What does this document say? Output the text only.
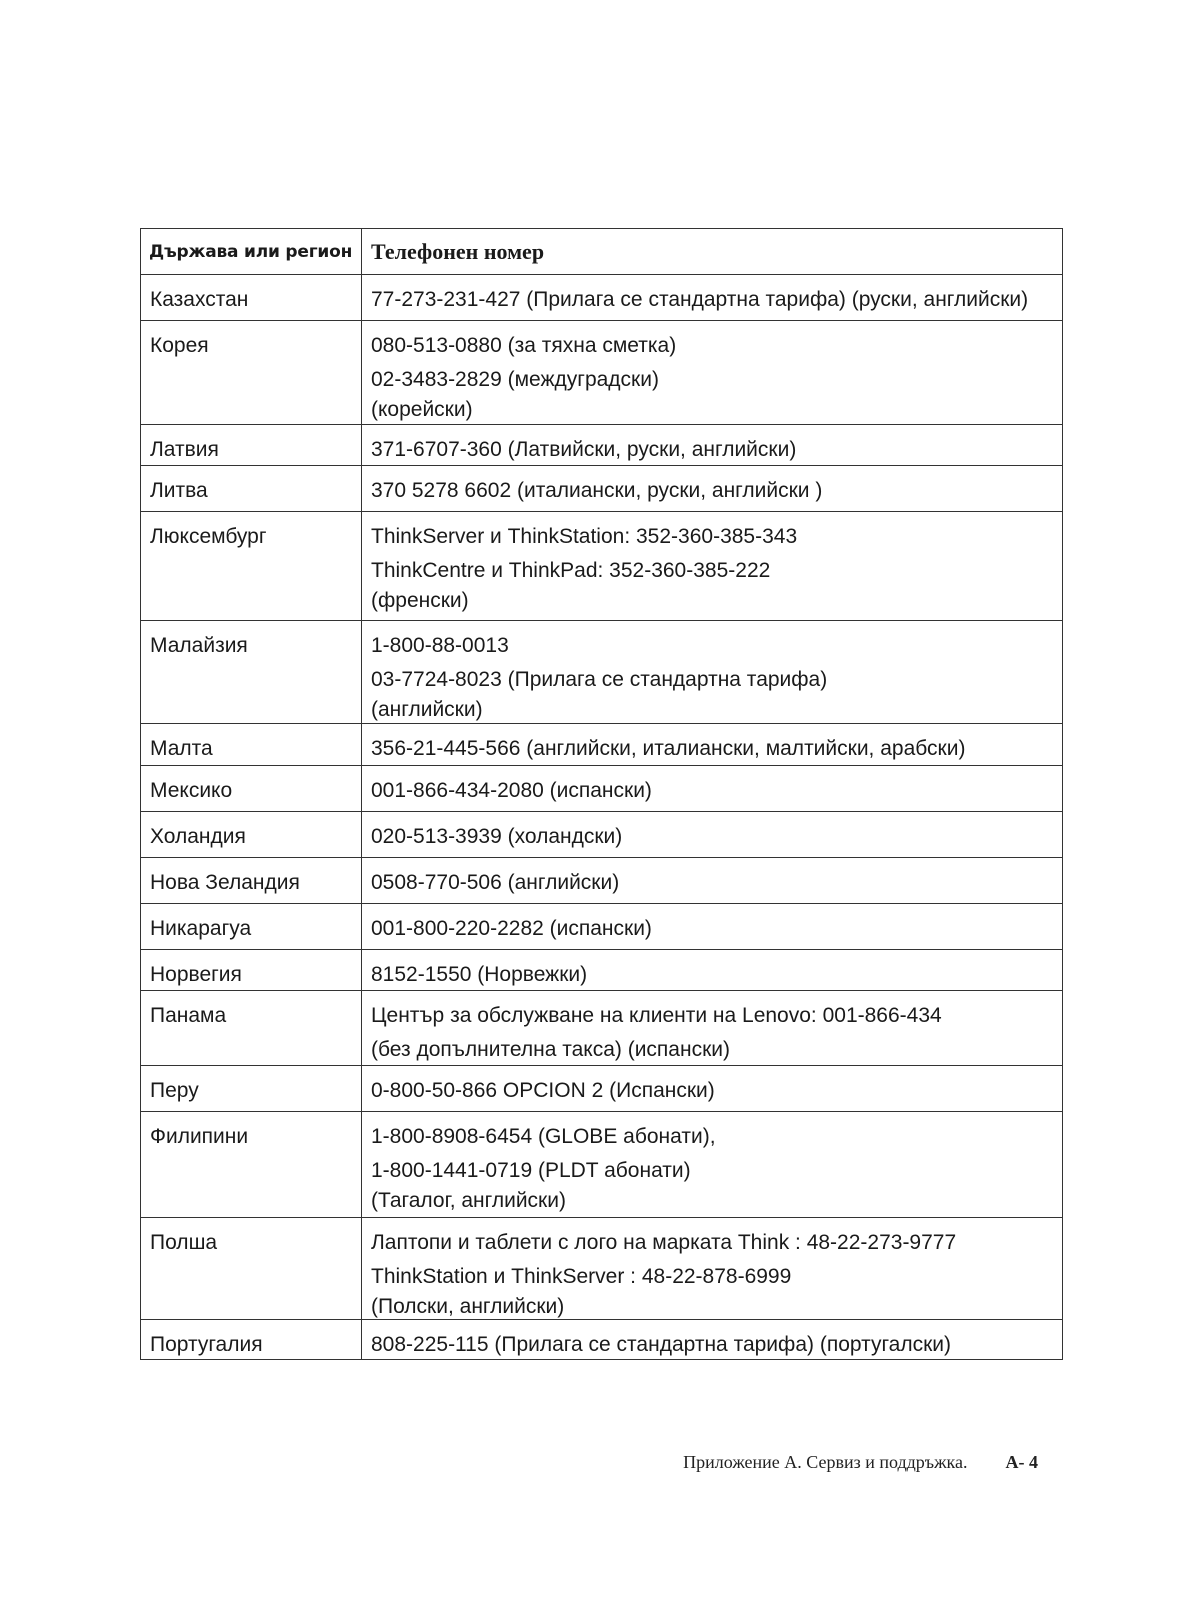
Държава или регион	Телефонен номер
Казахстан	77-273-231-427 (Прилага се стандартна тарифа) (руски, английски)

Корея	080-513-0880 (за тяхна сметка)
02-3483-2829 (междуградски)
(корейски)

Латвия	371-6707-360 (Латвийски, руски, английски)

Литва	370 5278 6602 (италиански, руски, английски )

Люксембург	ThinkServer и ThinkStation: 352-360-385-343
ThinkCentre и ThinkPad: 352-360-385-222
(френски)

Малайзия	1-800-88-0013
03-7724-8023 (Прилага се стандартна тарифа)
(английски)

Малта	356-21-445-566 (английски, италиански, малтийски, арабски)

Мексико	001-866-434-2080 (испански)

Холандия	020-513-3939 (холандски)

Нова Зеландия	0508-770-506 (английски)

Никарагуа	001-800-220-2282 (испански)

Норвегия	8152-1550 (Норвежки)

Панама	Център за обслужване на клиенти на Lenovo: 001-866-434
(без допълнителна такса) (испански)

Перу	0-800-50-866 OPCION 2 (Испански)

Филипини	1-800-8908-6454 (GLOBE абонати),
1-800-1441-0719 (PLDT абонати)
(Тагалог, английски)

Полша	Лаптопи и таблети с лого на марката Think : 48-22-273-9777
ThinkStation и ThinkServer : 48-22-878-6999
(Полски, английски)

Португалия	808-225-115 (Прилага се стандартна тарифа) (португалски)
Приложение А. Сервиз и поддръжка. А- 4
